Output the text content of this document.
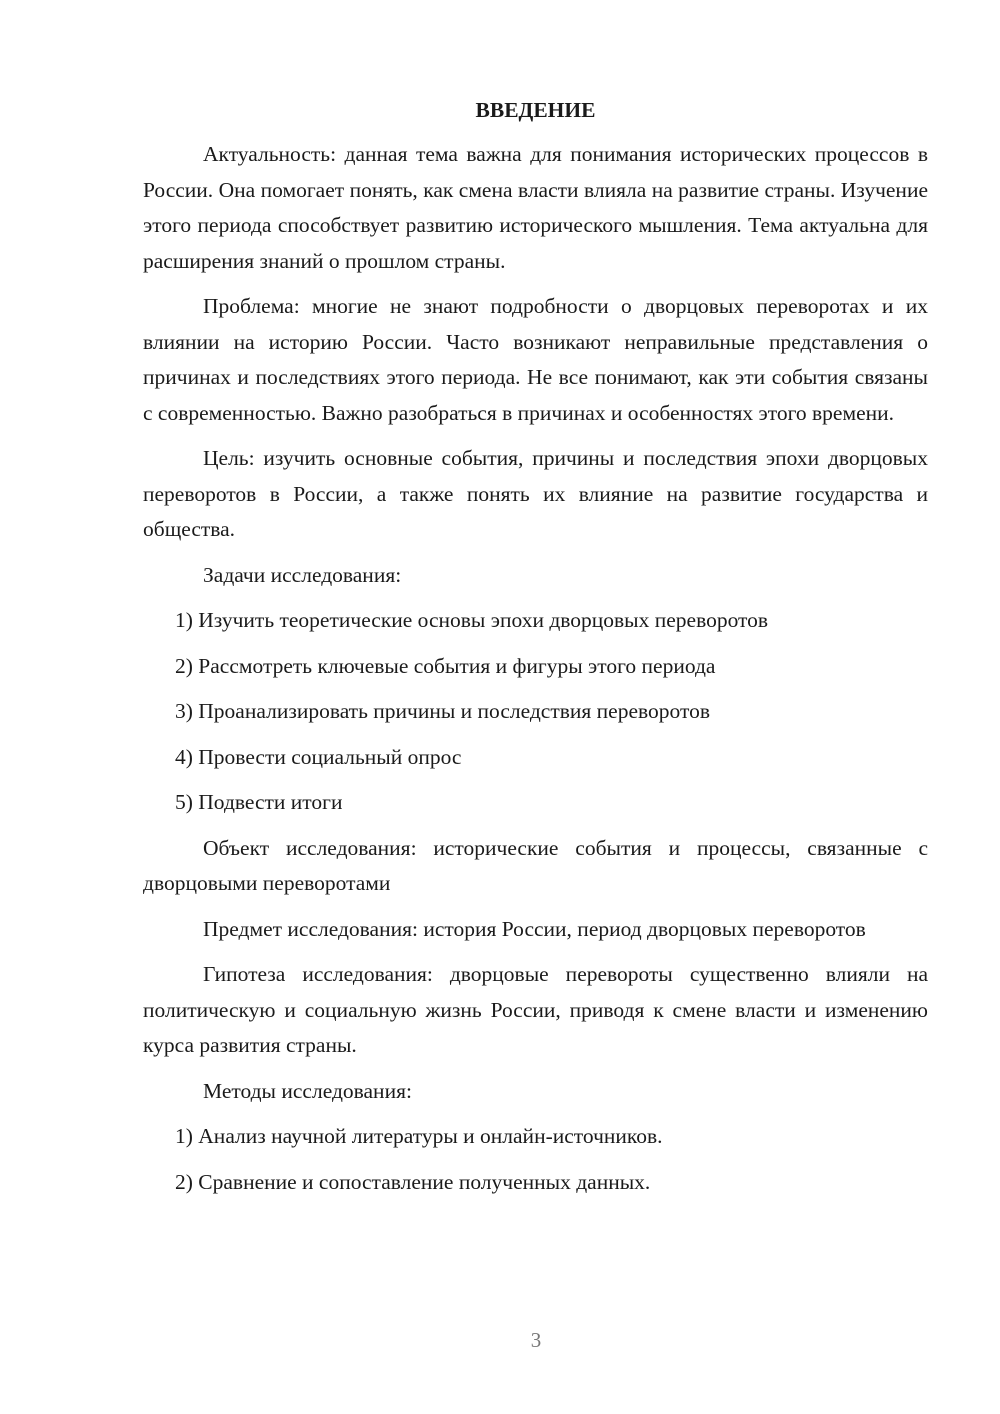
ВВЕДЕНИЕ
Актуальность: данная тема важна для понимания исторических процессов в России. Она помогает понять, как смена власти влияла на развитие страны. Изучение этого периода способствует развитию исторического мышления. Тема актуальна для расширения знаний о прошлом страны.
Проблема: многие не знают подробности о дворцовых переворотах и их влиянии на историю России. Часто возникают неправильные представления о причинах и последствиях этого периода. Не все понимают, как эти события связаны с современностью. Важно разобраться в причинах и особенностях этого времени.
Цель: изучить основные события, причины и последствия эпохи дворцовых переворотов в России, а также понять их влияние на развитие государства и общества.
Задачи исследования:
1) Изучить теоретические основы эпохи дворцовых переворотов
2) Рассмотреть ключевые события и фигуры этого периода
3) Проанализировать причины и последствия переворотов
4) Провести социальный опрос
5) Подвести итоги
Объект исследования: исторические события и процессы, связанные с дворцовыми переворотами
Предмет исследования: история России, период дворцовых переворотов
Гипотеза исследования: дворцовые перевороты существенно влияли на политическую и социальную жизнь России, приводя к смене власти и изменению курса развития страны.
Методы исследования:
1) Анализ научной литературы и онлайн-источников.
2) Сравнение и сопоставление полученных данных.
3
